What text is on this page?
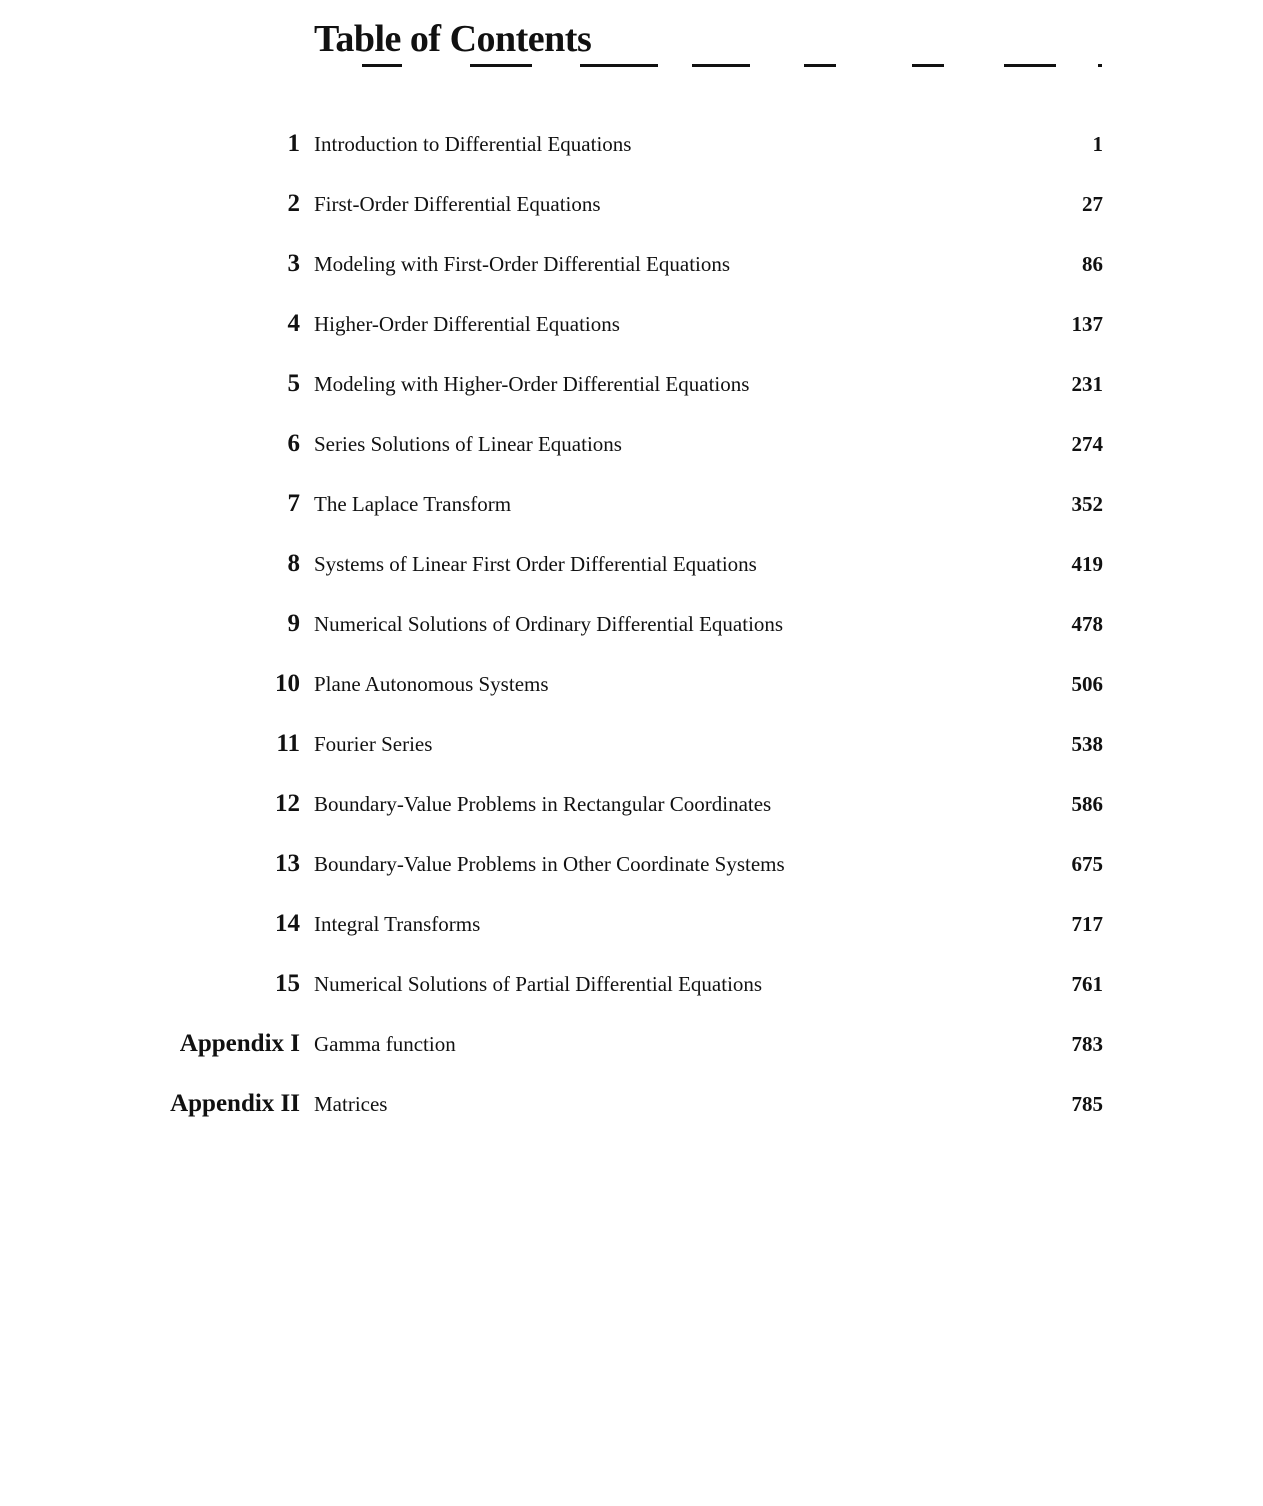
Table of Contents
1 Introduction to Differential Equations	1
2 First-Order Differential Equations	27
3 Modeling with First-Order Differential Equations	86
4 Higher-Order Differential Equations	137
5 Modeling with Higher-Order Differential Equations	231
6 Series Solutions of Linear Equations	274
7 The Laplace Transform	352
8 Systems of Linear First Order Differential Equations	419
9 Numerical Solutions of Ordinary Differential Equations	478
10 Plane Autonomous Systems	506
11 Fourier Series	538
12 Boundary-Value Problems in Rectangular Coordinates	586
13 Boundary-Value Problems in Other Coordinate Systems	675
14 Integral Transforms	717
15 Numerical Solutions of Partial Differential Equations	761
Appendix I Gamma function	783
Appendix II Matrices	785
